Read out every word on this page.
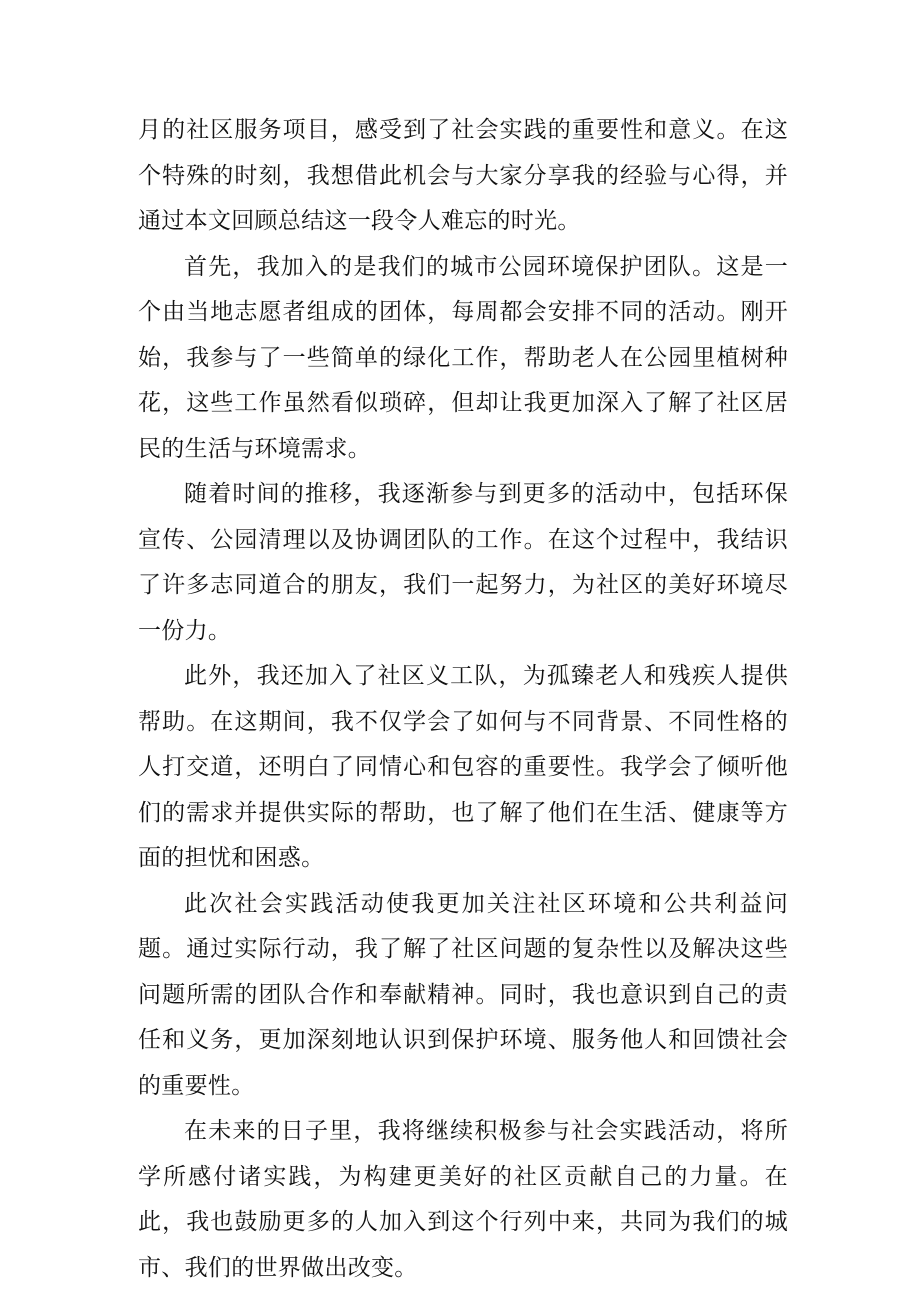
月的社区服务项目，感受到了社会实践的重要性和意义。在这个特殊的时刻，我想借此机会与大家分享我的经验与心得，并通过本文回顾总结这一段令人难忘的时光。

首先，我加入的是我们的城市公园环境保护团队。这是一个由当地志愿者组成的团体，每周都会安排不同的活动。刚开始，我参与了一些简单的绿化工作，帮助老人在公园里植树种花，这些工作虽然看似琐碎，但却让我更加深入了解了社区居民的生活与环境需求。

随着时间的推移，我逐渐参与到更多的活动中，包括环保宣传、公园清理以及协调团队的工作。在这个过程中，我结识了许多志同道合的朋友，我们一起努力，为社区的美好环境尽一份力。

此外，我还加入了社区义工队，为孤臻老人和残疾人提供帮助。在这期间，我不仅学会了如何与不同背景、不同性格的人打交道，还明白了同情心和包容的重要性。我学会了倾听他们的需求并提供实际的帮助，也了解了他们在生活、健康等方面的担忧和困惑。

此次社会实践活动使我更加关注社区环境和公共利益问题。通过实际行动，我了解了社区问题的复杂性以及解决这些问题所需的团队合作和奉献精神。同时，我也意识到自己的责任和义务，更加深刻地认识到保护环境、服务他人和回馈社会的重要性。

在未来的日子里，我将继续积极参与社会实践活动，将所学所感付诸实践，为构建更美好的社区贡献自己的力量。在此，我也鼓励更多的人加入到这个行列中来，共同为我们的城市、我们的世界做出改变。
